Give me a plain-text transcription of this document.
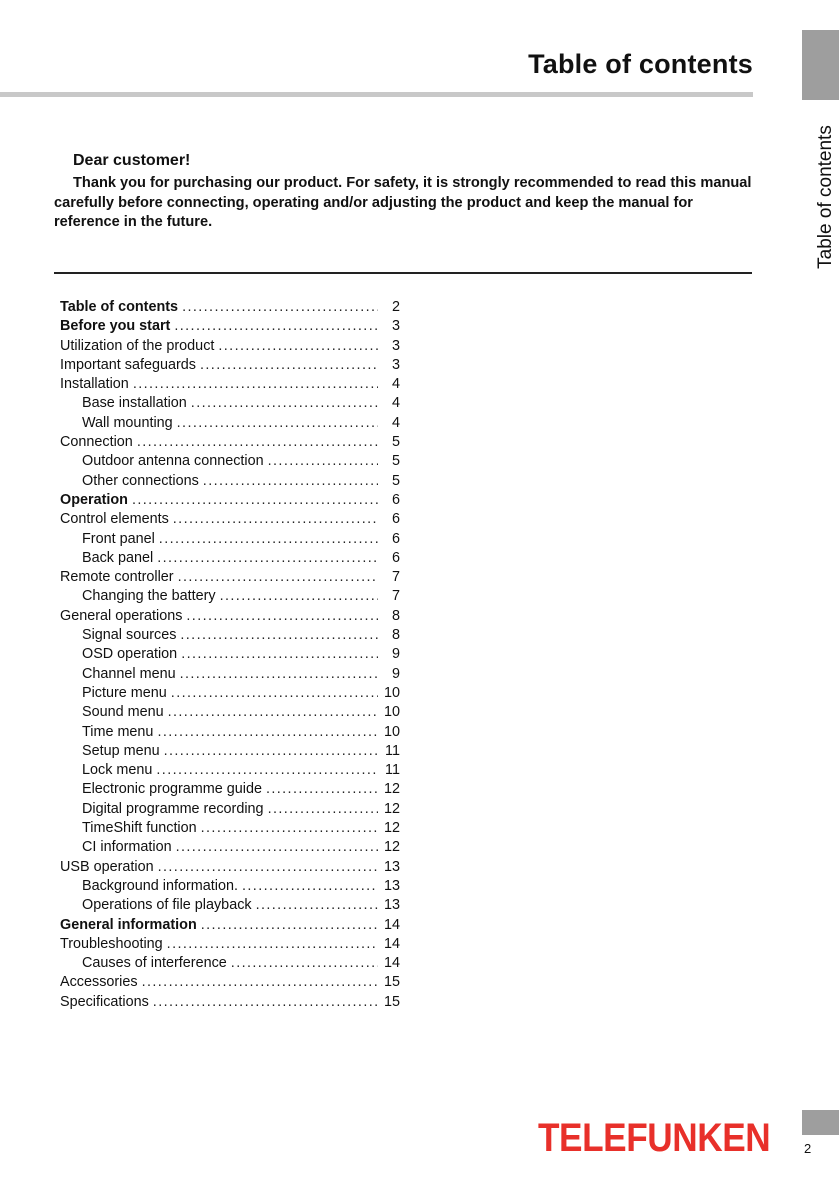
Table of contents
Table of contents
Dear customer!

Thank you for purchasing our product. For safety, it is strongly recommended to read this manual carefully before connecting, operating and/or adjusting the product and keep the manual for reference in the future.

Table of contents .....	2
Before you start .....	3
Utilization of the product .....	3
Important safeguards .....	3
Installation .....	4
Base installation .....	4
Wall mounting .....	4
Connection .....	5
Outdoor antenna connection .....	5
Other connections .....	5
Operation .....	6
Control elements .....	6
Front panel .....	6
Back panel .....	6
Remote controller .....	7
Changing the battery .....	7
General operations .....	8
Signal sources .....	8
OSD operation .....	9
Channel menu .....	9
Picture menu .....	10
Sound menu .....	10
Time menu .....	10
Setup menu .....	11
Lock menu .....	11
Electronic programme guide .....	12
Digital programme recording .....	12
TimeShift function .....	12
CI information .....	12
USB operation .....	13
Background information. .....	13
Operations of file playback .....	13
General information .....	14
Troubleshooting .....	14
Causes of interference .....	14
Accessories .....	15
Specifications .....	15
TELEFUNKEN	2
